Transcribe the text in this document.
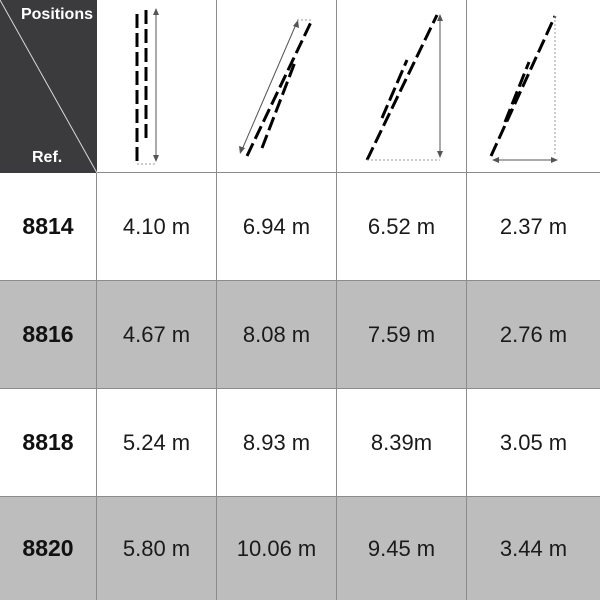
Positions
Ref.
8814 4.10 m 6.94 m	6.52 m	2.37 m
8816 4.67 m 8.08 m	7.59 m	2.76 m
8818 5.24 m 8.93 m	8.39m	3.05 m
8820 5.80 m 10.06 m 9.45 m	3.44 m
